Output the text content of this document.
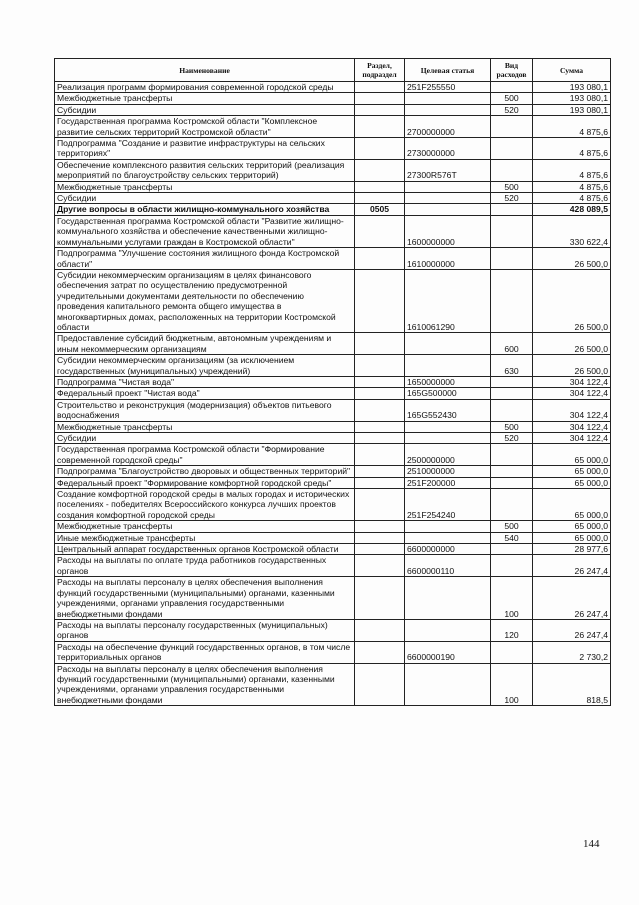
Наименование	Раздел, подраздел	Целевая статья	Вид расходов	Сумма
Реализация программ формирования современной городской среды		251F255550		193 080,1
Межбюджетные трансферты			500	193 080,1
Субсидии			520	193 080,1
Государственная программа Костромской области "Комплексное развитие сельских территорий Костромской области"		2700000000		4 875,6
Подпрограмма "Создание и развитие инфраструктуры на сельских территориях"		2730000000		4 875,6
Обеспечение комплексного развития сельских территорий (реализация мероприятий по благоустройству сельских территорий)		27300R576T		4 875,6
Межбюджетные трансферты			500	4 875,6
Субсидии			520	4 875,6
Другие вопросы в области жилищно-коммунального хозяйства	0505			428 089,5
Государственная программа Костромской области "Развитие жилищно-коммунального хозяйства и обеспечение качественными жилищно-коммунальными услугами граждан в Костромской области"		1600000000		330 622,4
Подпрограмма "Улучшение состояния жилищного фонда Костромской области"		1610000000		26 500,0
Субсидии некоммерческим организациям в целях финансового обеспечения затрат по осуществлению предусмотренной учредительными документами деятельности по обеспечению проведения капитального ремонта общего имущества в многоквартирных домах, расположенных на территории Костромской области		1610061290		26 500,0
Предоставление субсидий бюджетным, автономным учреждениям и иным некоммерческим организациям			600	26 500,0
Субсидии некоммерческим организациям (за исключением государственных (муниципальных) учреждений)			630	26 500,0
Подпрограмма "Чистая вода"		1650000000		304 122,4
Федеральный проект "Чистая вода"		165G500000		304 122,4
Строительство и реконструкция (модернизация) объектов питьевого водоснабжения		165G552430		304 122,4
Межбюджетные трансферты			500	304 122,4
Субсидии			520	304 122,4
Государственная программа Костромской области "Формирование современной городской среды"		2500000000		65 000,0
Подпрограмма "Благоустройство дворовых и общественных территорий"		2510000000		65 000,0
Федеральный проект "Формирование комфортной городской среды"		251F200000		65 000,0
Создание комфортной городской среды в малых городах и исторических поселениях - победителях Всероссийского конкурса лучших проектов создания комфортной городской среды		251F254240		65 000,0
Межбюджетные трансферты			500	65 000,0
Иные межбюджетные трансферты			540	65 000,0
Центральный аппарат государственных органов Костромской области		6600000000		28 977,6
Расходы на выплаты по оплате труда работников государственных органов		6600000110		26 247,4
Расходы на выплаты персоналу в целях обеспечения выполнения функций государственными (муниципальными) органами, казенными учреждениями, органами управления государственными внебюджетными фондами			100	26 247,4
Расходы на выплаты персоналу государственных (муниципальных) органов			120	26 247,4
Расходы на обеспечение функций государственных органов, в том числе территориальных органов		6600000190		2 730,2
Расходы на выплаты персоналу в целях обеспечения выполнения функций государственными (муниципальными) органами, казенными учреждениями, органами управления государственными внебюджетными фондами			100	818,5
144
